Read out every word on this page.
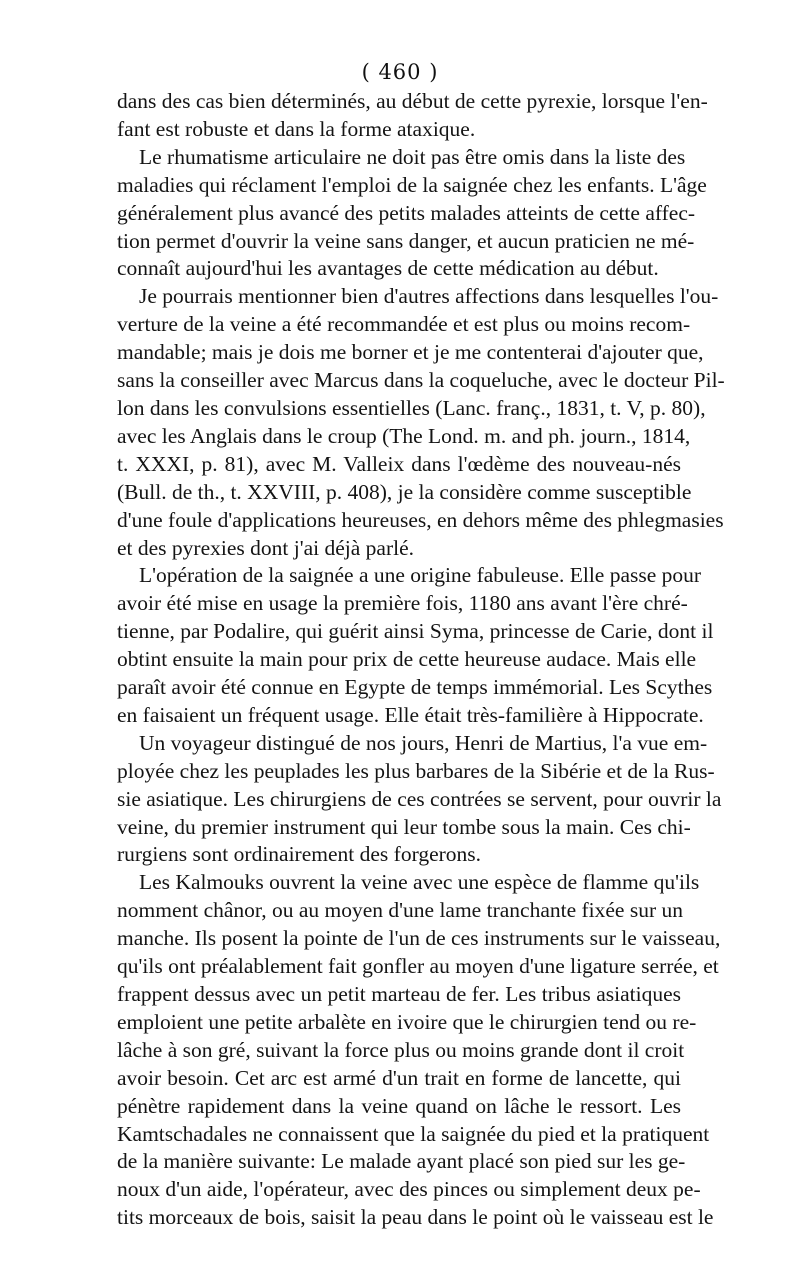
( 460 )
dans des cas bien déterminés, au début de cette pyrexie, lorsque l'en-
fant est robuste et dans la forme ataxique.
Le rhumatisme articulaire ne doit pas être omis dans la liste des
maladies qui réclament l'emploi de la saignée chez les enfants. L'âge
généralement plus avancé des petits malades atteints de cette affec-
tion permet d'ouvrir la veine sans danger, et aucun praticien ne mé-
connaît aujourd'hui les avantages de cette médication au début.
Je pourrais mentionner bien d'autres affections dans lesquelles l'ou-
verture de la veine a été recommandée et est plus ou moins recom-
mandable; mais je dois me borner et je me contenterai d'ajouter que,
sans la conseiller avec Marcus dans la coqueluche, avec le docteur Pil-
lon dans les convulsions essentielles (Lanc. franç., 1831, t. V, p. 80),
avec les Anglais dans le croup (The Lond. m. and ph. journ., 1814,
t. XXXI, p. 81), avec M. Valleix dans l'œdème des nouveau-nés
(Bull. de th., t. XXVIII, p. 408), je la considère comme susceptible
d'une foule d'applications heureuses, en dehors même des phlegmasies
et des pyrexies dont j'ai déjà parlé.
L'opération de la saignée a une origine fabuleuse. Elle passe pour
avoir été mise en usage la première fois, 1180 ans avant l'ère chré-
tienne, par Podalire, qui guérit ainsi Syma, princesse de Carie, dont il
obtint ensuite la main pour prix de cette heureuse audace. Mais elle
paraît avoir été connue en Egypte de temps immémorial. Les Scythes
en faisaient un fréquent usage. Elle était très-familière à Hippocrate.
Un voyageur distingué de nos jours, Henri de Martius, l'a vue em-
ployée chez les peuplades les plus barbares de la Sibérie et de la Rus-
sie asiatique. Les chirurgiens de ces contrées se servent, pour ouvrir la
veine, du premier instrument qui leur tombe sous la main. Ces chi-
rurgiens sont ordinairement des forgerons.
Les Kalmouks ouvrent la veine avec une espèce de flamme qu'ils
nomment chânor, ou au moyen d'une lame tranchante fixée sur un
manche. Ils posent la pointe de l'un de ces instruments sur le vaisseau,
qu'ils ont préalablement fait gonfler au moyen d'une ligature serrée, et
frappent dessus avec un petit marteau de fer. Les tribus asiatiques
emploient une petite arbalète en ivoire que le chirurgien tend ou re-
lâche à son gré, suivant la force plus ou moins grande dont il croit
avoir besoin. Cet arc est armé d'un trait en forme de lancette, qui
pénètre rapidement dans la veine quand on lâche le ressort. Les
Kamtschadales ne connaissent que la saignée du pied et la pratiquent
de la manière suivante: Le malade ayant placé son pied sur les ge-
noux d'un aide, l'opérateur, avec des pinces ou simplement deux pe-
tits morceaux de bois, saisit la peau dans le point où le vaisseau est le
